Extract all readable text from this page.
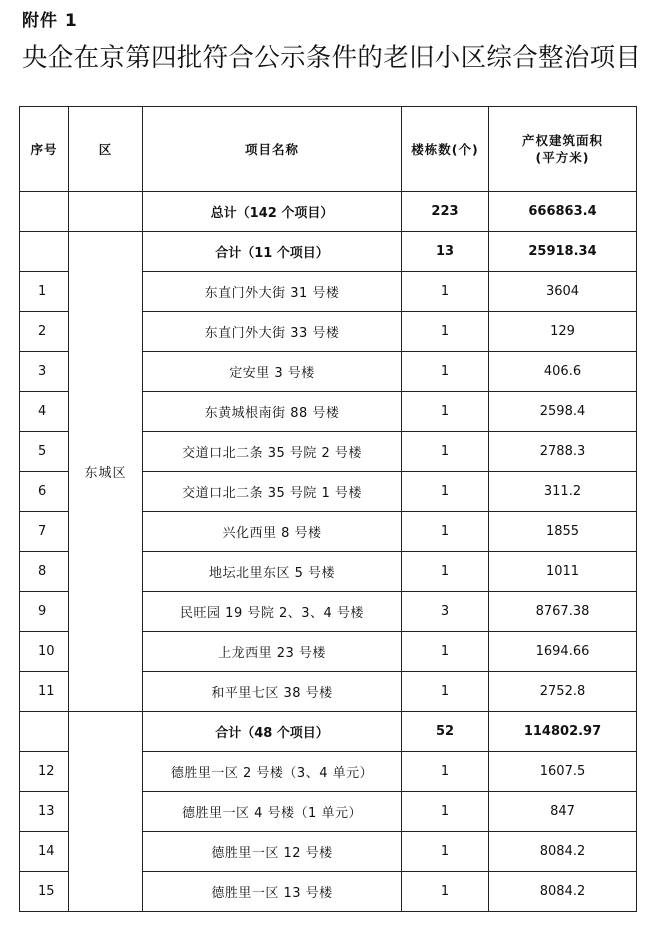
附件 1
央企在京第四批符合公示条件的老旧小区综合整治项目
序号	区	项目名称	楼栋数(个)	产权建筑面积
(平方米)
		总计（142 个项目）	223	666863.4
	东城区	合计（11 个项目）	13	25918.34
1		东直门外大街 31 号楼	1	3604
2		东直门外大街 33 号楼	1	129
3		定安里 3 号楼	1	406.6
4		东黄城根南街 88 号楼	1	2598.4
5		交道口北二条 35 号院 2 号楼	1	2788.3
6		交道口北二条 35 号院 1 号楼	1	311.2
7		兴化西里 8 号楼	1	1855
8		地坛北里东区 5 号楼	1	1011
9		民旺园 19 号院 2、3、4 号楼	3	8767.38
10		上龙西里 23 号楼	1	1694.66
11		和平里七区 38 号楼	1	2752.8
		合计（48 个项目）	52	114802.97
12		德胜里一区 2 号楼（3、4 单元）	1	1607.5
13		德胜里一区 4 号楼（1 单元）	1	847
14		德胜里一区 12 号楼	1	8084.2
15		德胜里一区 13 号楼	1	8084.2
